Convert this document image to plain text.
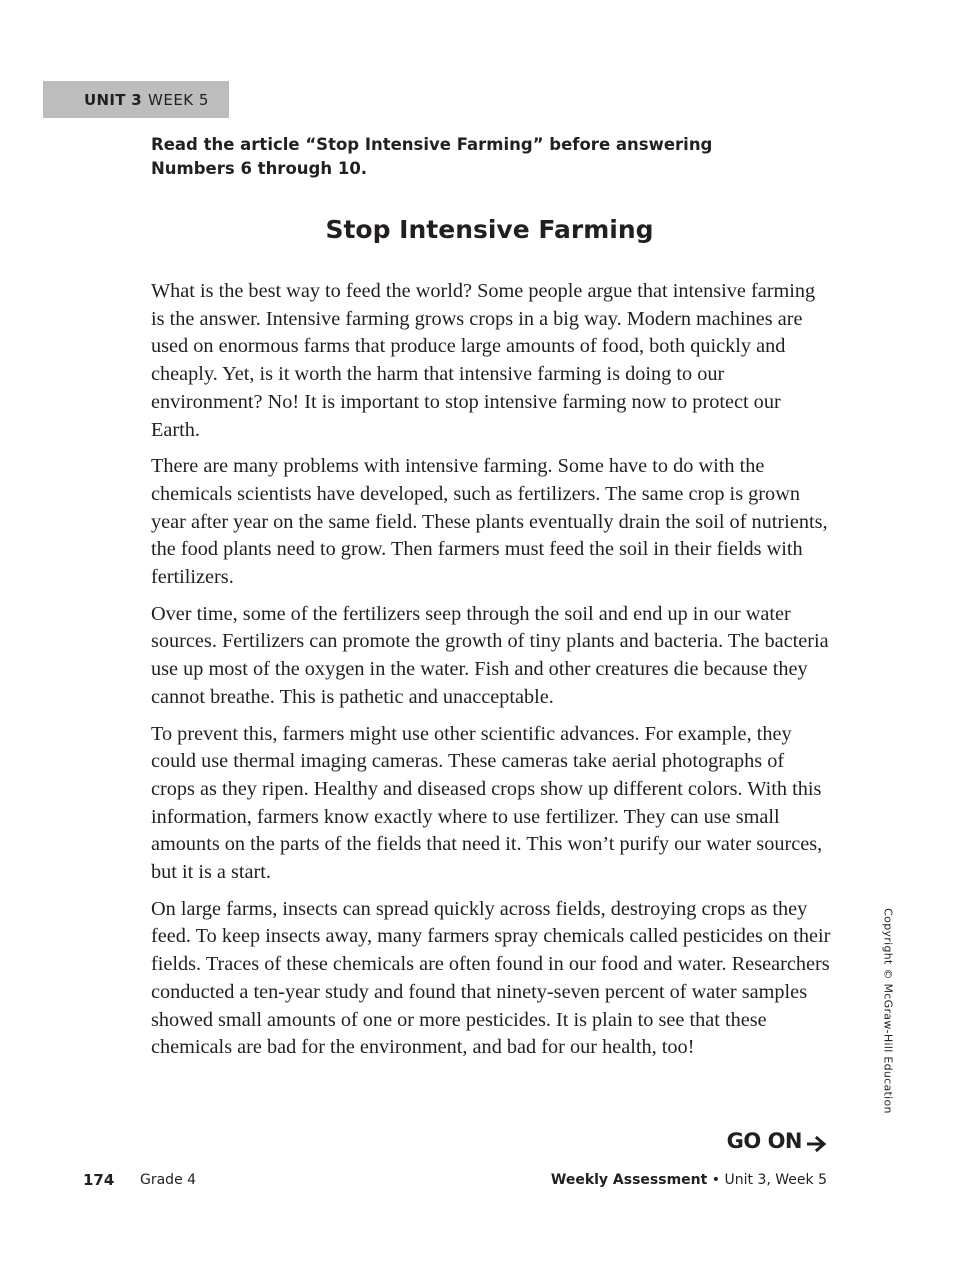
UNIT 3 WEEK 5
Read the article “Stop Intensive Farming” before answering
Numbers 6 through 10.
Stop Intensive Farming

What is the best way to feed the world? Some people argue that intensive farming is the answer. Intensive farming grows crops in a big way. Modern machines are used on enormous farms that produce large amounts of food, both quickly and cheaply. Yet, is it worth the harm that intensive farming is doing to our environment? No! It is important to stop intensive farming now to protect our Earth.

There are many problems with intensive farming. Some have to do with the chemicals scientists have developed, such as fertilizers. The same crop is grown year after year on the same field. These plants eventually drain the soil of nutrients, the food plants need to grow. Then farmers must feed the soil in their fields with fertilizers.

Over time, some of the fertilizers seep through the soil and end up in our water sources. Fertilizers can promote the growth of tiny plants and bacteria. The bacteria use up most of the oxygen in the water. Fish and other creatures die because they cannot breathe. This is pathetic and unacceptable.

To prevent this, farmers might use other scientific advances. For example, they could use thermal imaging cameras. These cameras take aerial photographs of crops as they ripen. Healthy and diseased crops show up different colors. With this information, farmers know exactly where to use fertilizer. They can use small amounts on the parts of the fields that need it. This won’t purify our water sources, but it is a start.

On large farms, insects can spread quickly across fields, destroying crops as they feed. To keep insects away, many farmers spray chemicals called pesticides on their fields. Traces of these chemicals are often found in our food and water. Researchers conducted a ten-year study and found that ninety-seven percent of water samples showed small amounts of one or more pesticides. It is plain to see that these chemicals are bad for the environment, and bad for our health, too!	Copyright © McGraw-Hill Education
GO ON
174 Grade 4	Weekly Assessment • Unit 3, Week 5
